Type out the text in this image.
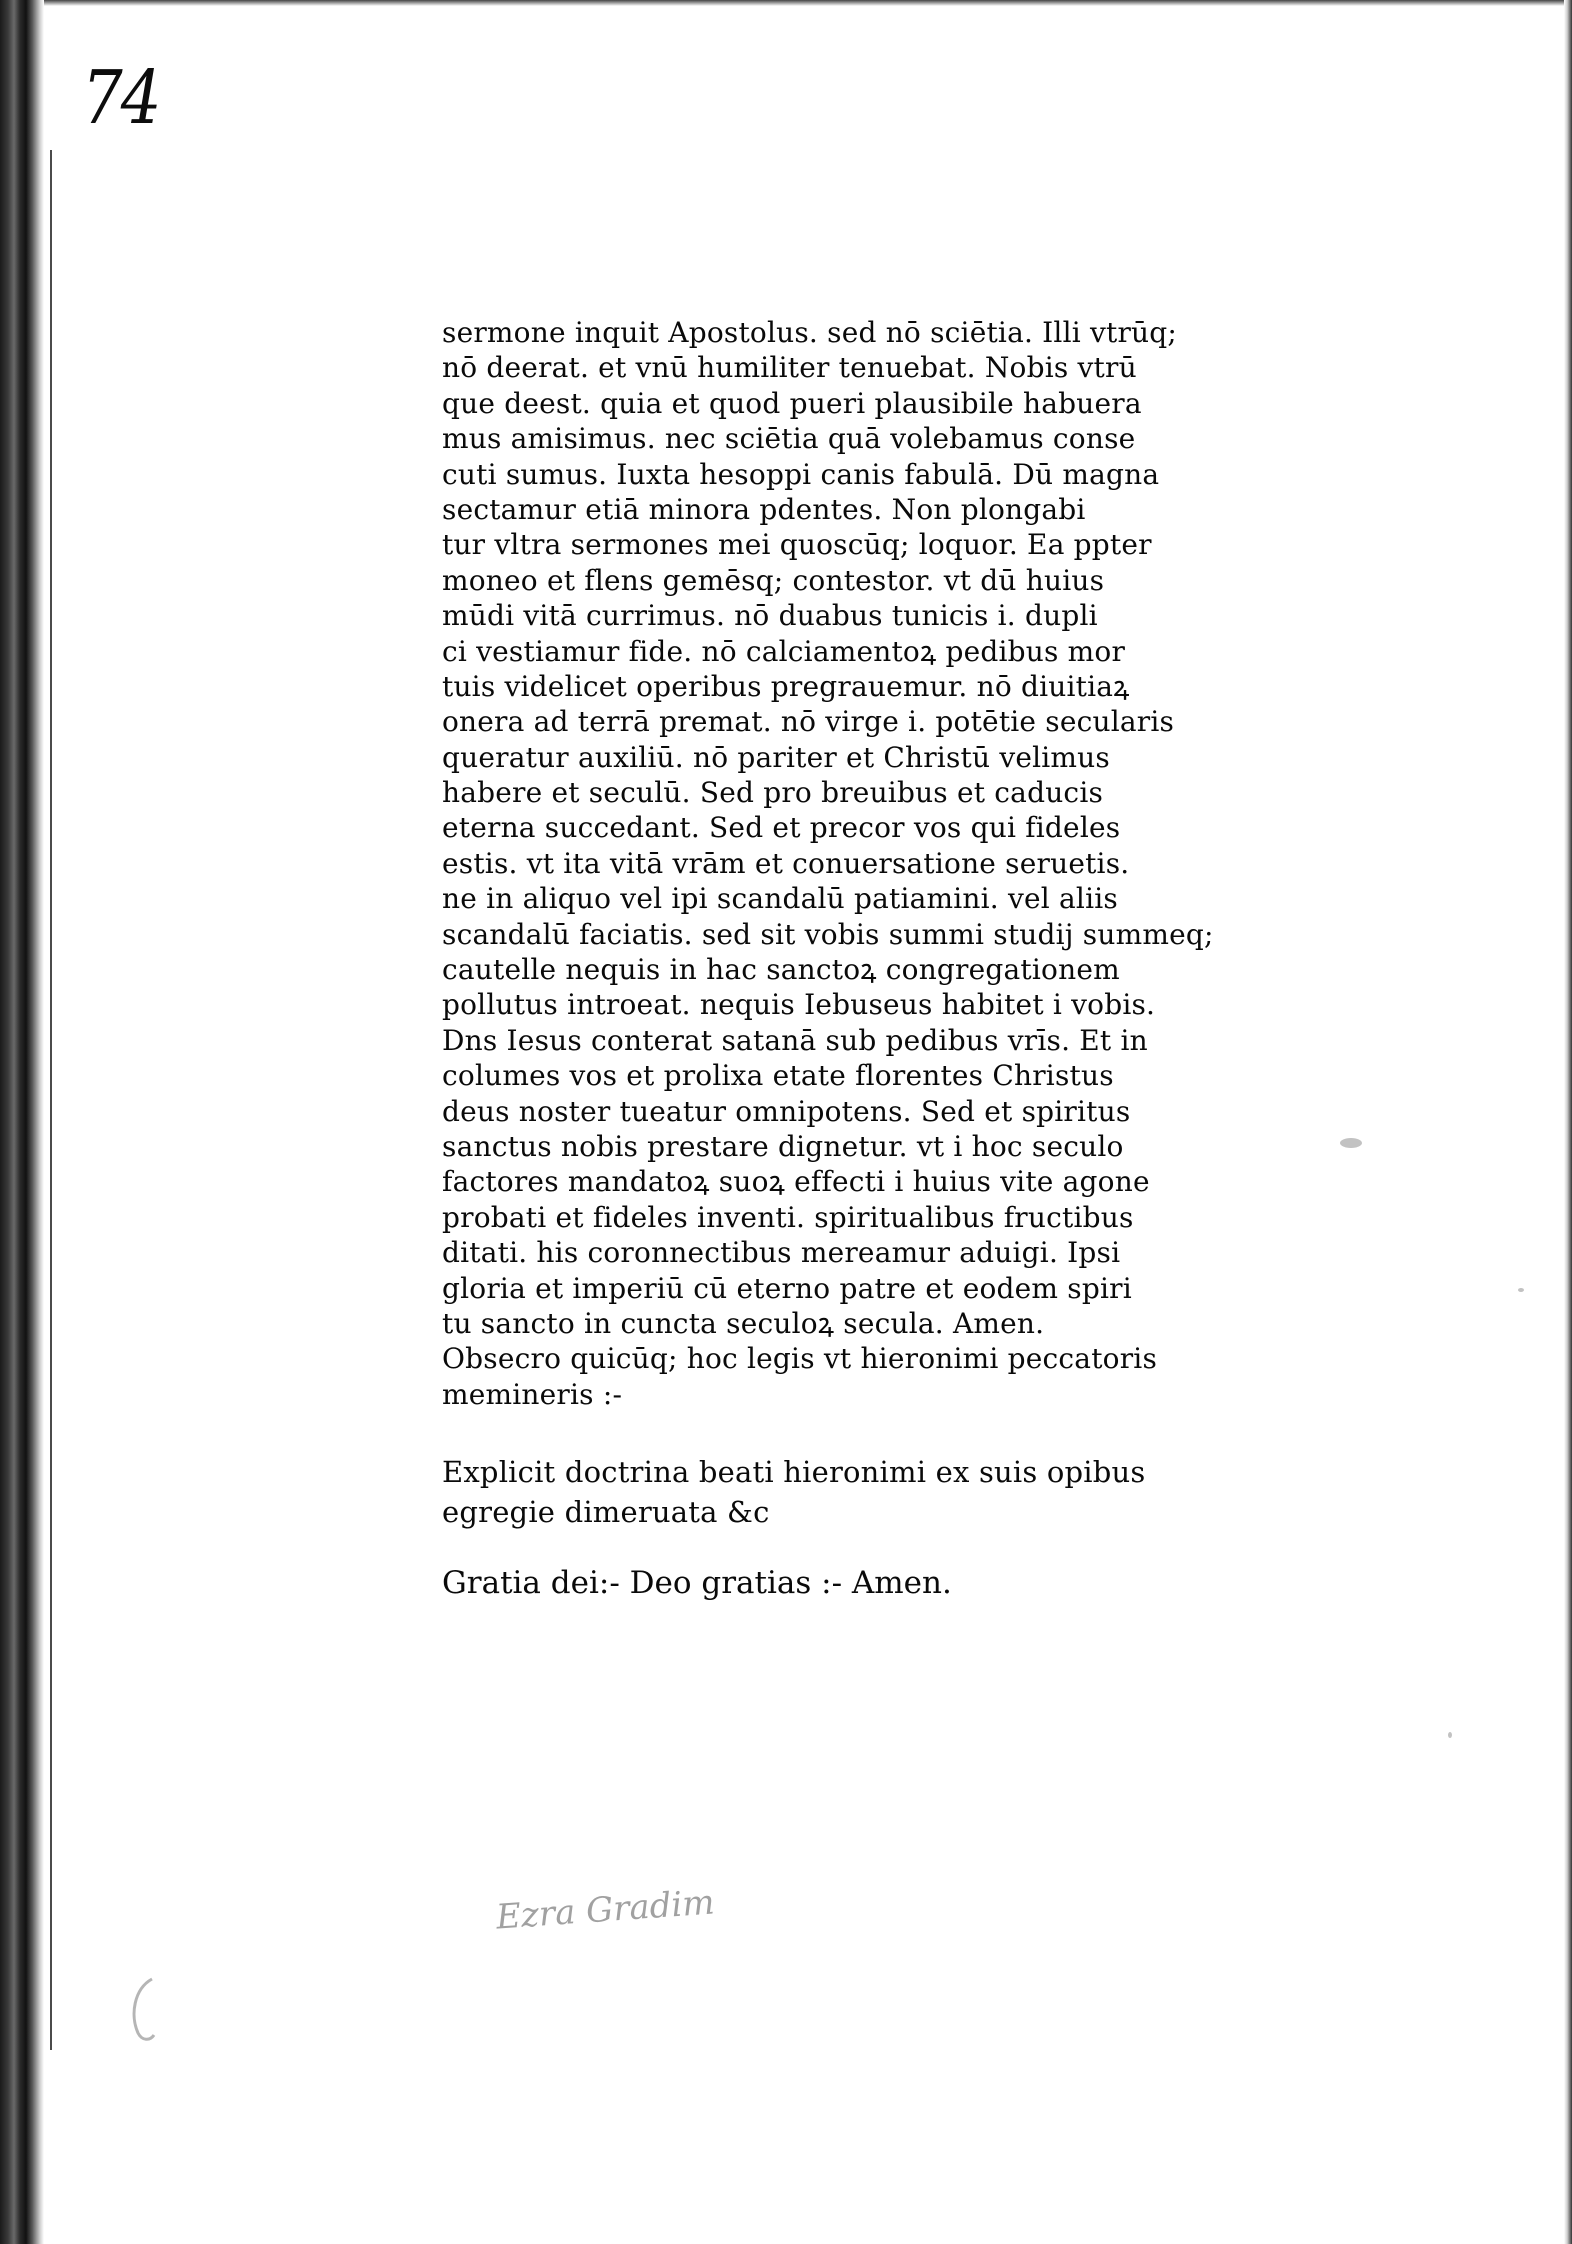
74
sermone inquit Apostolus. sed nō sciētia. Illi vtrūq;
nō deerat. et vnū humiliter tenuebat. Nobis vtrū
que deest. quia et quod pueri plausibile habuera
mus amisimus. nec sciētia quā volebamus conse
cuti sumus. Iuxta hesoppi canis fabulā. Dū magna
sectamur etiā minora pdentes. Non plongabi
tur vltra sermones mei quoscūq; loquor. Ea ppter
moneo et flens gemēsq; contestor. vt dū huius
mūdi vitā currimus. nō duabus tunicis i. dupli
ci vestiamur fide. nō calciamentoꝝ pedibus mor
tuis videlicet operibus pregrauemur. nō diuitiaꝝ
onera ad terrā premat. nō virge i. potētie secularis
queratur auxiliū. nō pariter et Christū velimus
habere et seculū. Sed pro breuibus et caducis
eterna succedant. Sed et precor vos qui fideles
estis. vt ita vitā vrām et conuersatione seruetis.
ne in aliquo vel ipi scandalū patiamini. vel aliis
scandalū faciatis. sed sit vobis summi studij summeq;
cautelle nequis in hac sanctoꝝ congregationem
pollutus introeat. nequis Iebuseus habitet i vobis.
Dns Iesus conterat satanā sub pedibus vrīs. Et in
columes vos et prolixa etate florentes Christus
deus noster tueatur omnipotens. Sed et spiritus
sanctus nobis prestare dignetur. vt i hoc seculo
factores mandatoꝝ suoꝝ effecti i huius vite agone
probati et fideles inventi. spiritualibus fructibus
ditati. his coronnectibus mereamur aduigi. Ipsi
gloria et imperiū cū eterno patre et eodem spiri
tu sancto in cuncta seculoꝝ secula. Amen.
Obsecro quicūq; hoc legis vt hieronimi peccatoris
memineris :-
Explicit doctrina beati hieronimi ex suis opibus
egregie dimeruata &c
Gratia dei:- Deo gratias :- Amen.
Ezra Gradim
